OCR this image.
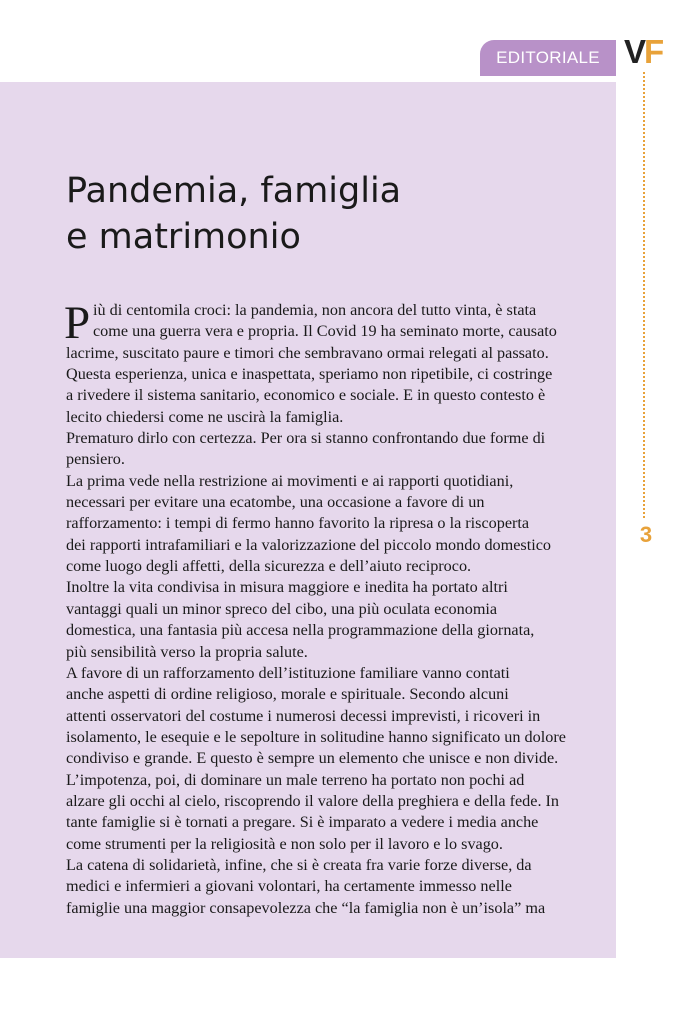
EDITORIALE VF
3
Pandemia, famiglia
e matrimonio
P iù di centomila croci: la pandemia, non ancora del tutto vinta, è stata
come una guerra vera e propria. Il Covid 19 ha seminato morte, causato
lacrime, suscitato paure e timori che sembravano ormai relegati al passato.
Questa esperienza, unica e inaspettata, speriamo non ripetibile, ci costringe
a rivedere il sistema sanitario, economico e sociale. E in questo contesto è
lecito chiedersi come ne uscirà la famiglia.
Prematuro dirlo con certezza. Per ora si stanno confrontando due forme di
pensiero.
La prima vede nella restrizione ai movimenti e ai rapporti quotidiani,
necessari per evitare una ecatombe, una occasione a favore di un
rafforzamento: i tempi di fermo hanno favorito la ripresa o la riscoperta
dei rapporti intrafamiliari e la valorizzazione del piccolo mondo domestico
come luogo degli affetti, della sicurezza e dell’aiuto reciproco.
Inoltre la vita condivisa in misura maggiore e inedita ha portato altri
vantaggi quali un minor spreco del cibo, una più oculata economia
domestica, una fantasia più accesa nella programmazione della giornata,
più sensibilità verso la propria salute.
A favore di un rafforzamento dell’istituzione familiare vanno contati
anche aspetti di ordine religioso, morale e spirituale. Secondo alcuni
attenti osservatori del costume i numerosi decessi imprevisti, i ricoveri in
isolamento, le esequie e le sepolture in solitudine hanno significato un dolore
condiviso e grande. E questo è sempre un elemento che unisce e non divide.
L’impotenza, poi, di dominare un male terreno ha portato non pochi ad
alzare gli occhi al cielo, riscoprendo il valore della preghiera e della fede. In
tante famiglie si è tornati a pregare. Si è imparato a vedere i media anche
come strumenti per la religiosità e non solo per il lavoro e lo svago.
La catena di solidarietà, infine, che si è creata fra varie forze diverse, da
medici e infermieri a giovani volontari, ha certamente immesso nelle
famiglie una maggior consapevolezza che “la famiglia non è un’isola” ma
